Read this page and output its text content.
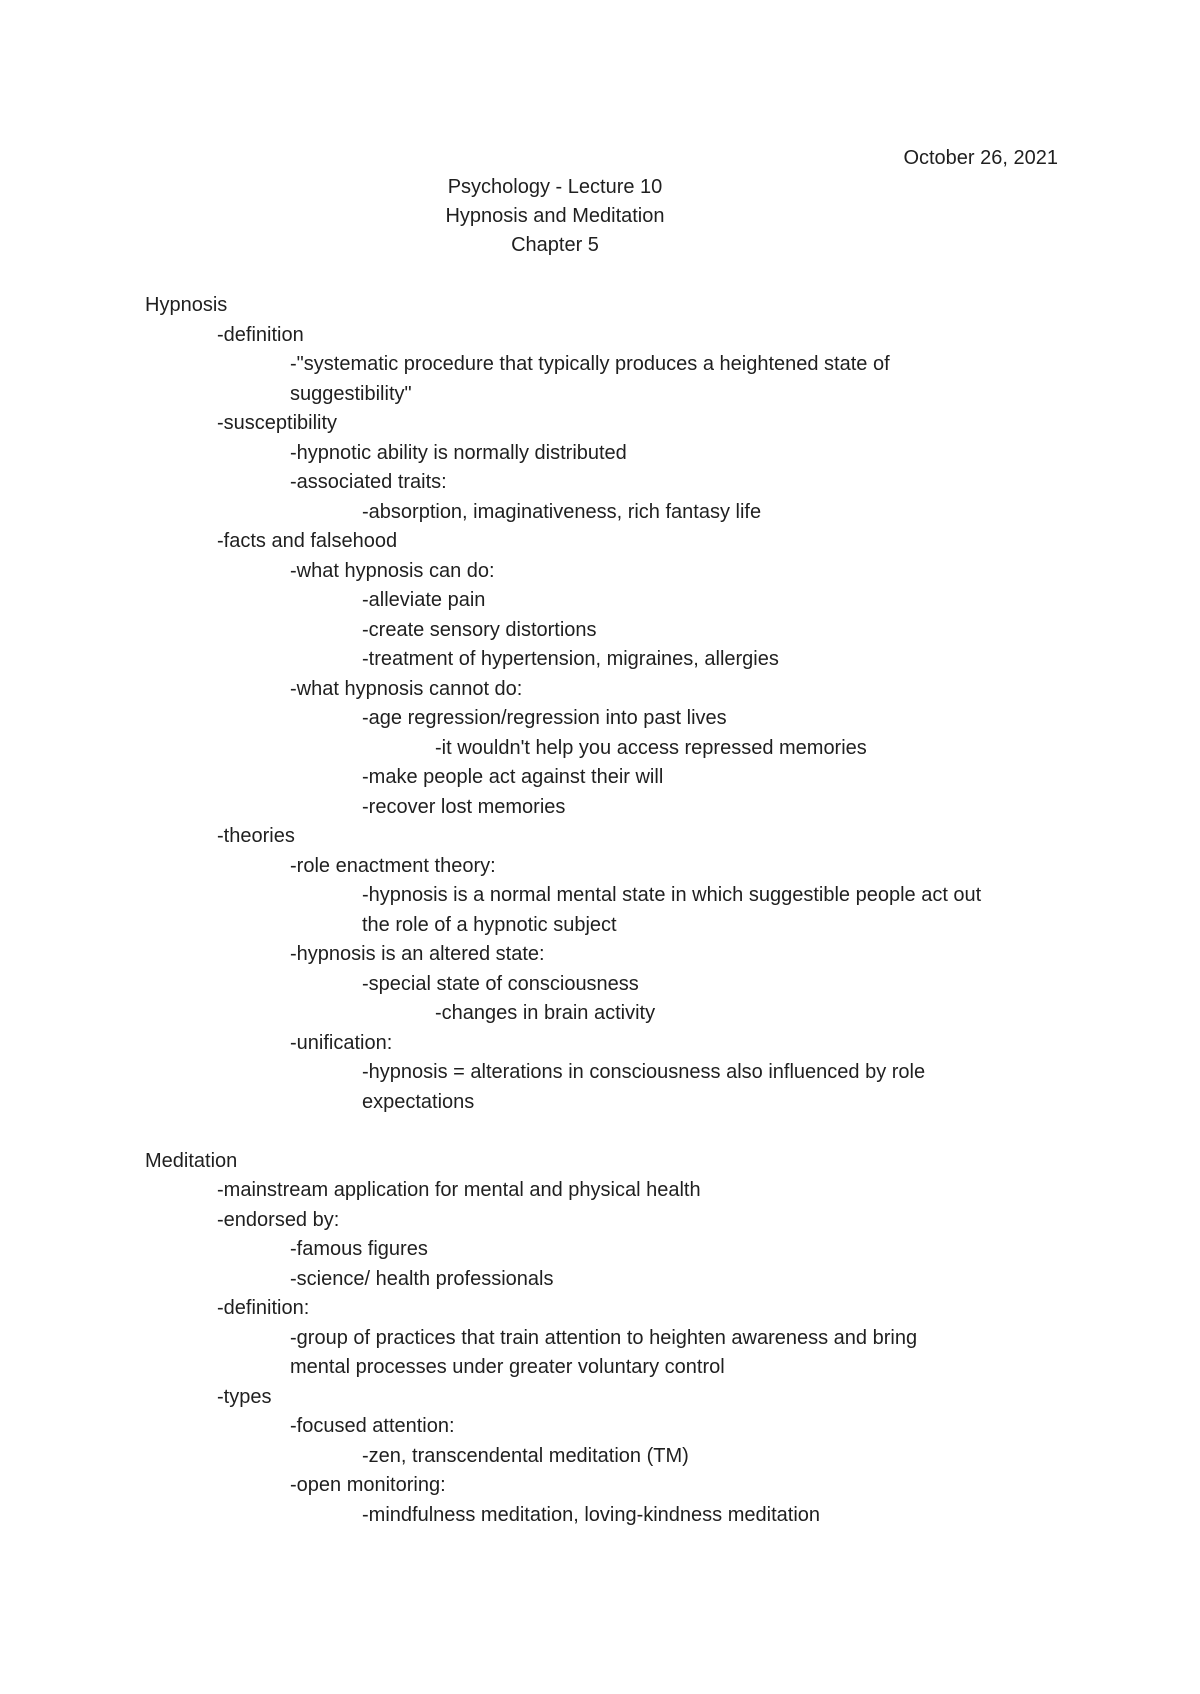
October 26, 2021
Psychology - Lecture 10
Hypnosis and Meditation
Chapter 5
Hypnosis
-definition
-"systematic procedure that typically produces a heightened state of
suggestibility"
-susceptibility
-hypnotic ability is normally distributed
-associated traits:
-absorption, imaginativeness, rich fantasy life
-facts and falsehood
-what hypnosis can do:
-alleviate pain
-create sensory distortions
-treatment of hypertension, migraines, allergies
-what hypnosis cannot do:
-age regression/regression into past lives
-it wouldn't help you access repressed memories
-make people act against their will
-recover lost memories
-theories
-role enactment theory:
-hypnosis is a normal mental state in which suggestible people act out
the role of a hypnotic subject
-hypnosis is an altered state:
-special state of consciousness
-changes in brain activity
-unification:
-hypnosis = alterations in consciousness also influenced by role
expectations
Meditation
-mainstream application for mental and physical health
-endorsed by:
-famous figures
-science/ health professionals
-definition:
-group of practices that train attention to heighten awareness and bring
mental processes under greater voluntary control
-types
-focused attention:
-zen, transcendental meditation (TM)
-open monitoring:
-mindfulness meditation, loving-kindness meditation
